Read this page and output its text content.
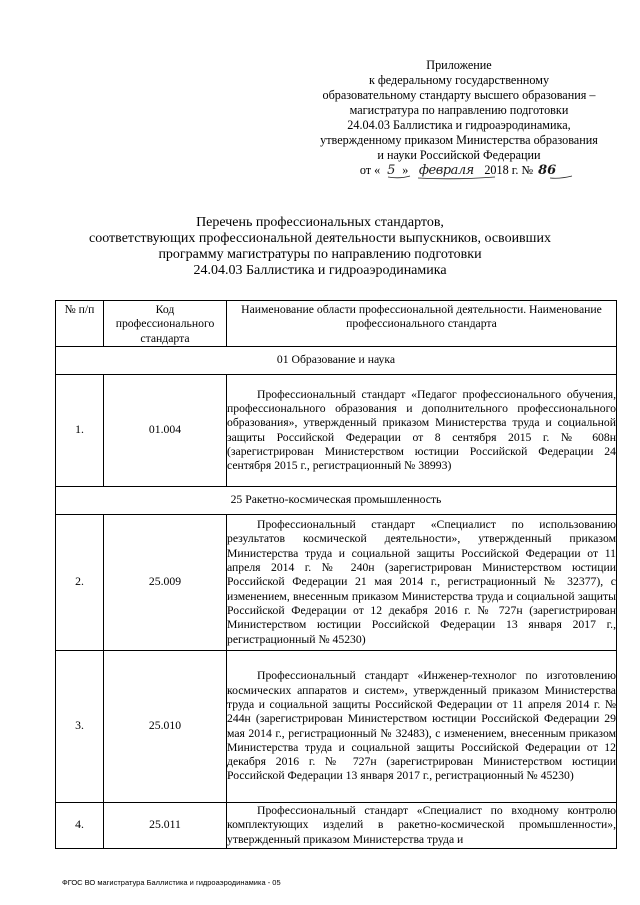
Приложение
к федеральному государственному
образовательному стандарту высшего образования –
магистратура по направлению подготовки
24.04.03 Баллистика и гидроаэродинамика,
утвержденному приказом Министерства образования
и науки Российской Федерации
от « 5 » февраля 2018 г. № 86
Перечень профессиональных стандартов,
соответствующих профессиональной деятельности выпускников, освоивших
программу магистратуры по направлению подготовки
24.04.03 Баллистика и гидроаэродинамика
№ п/п	Код профессионального стандарта	Наименование области профессиональной деятельности. Наименование профессионального стандарта
01 Образование и наука		
1.	01.004	Профессиональный стандарт «Педагог профессионального обучения, профессионального образования и дополнительного профессионального образования», утвержденный приказом Министерства труда и социальной защиты Российской Федерации от 8 сентября 2015 г. № 608н (зарегистрирован Министерством юстиции Российской Федерации 24 сентября 2015 г., регистрационный № 38993)
25 Ракетно-космическая промышленность		
2.	25.009	Профессиональный стандарт «Специалист по использованию результатов космической деятельности», утвержденный приказом Министерства труда и социальной защиты Российской Федерации от 11 апреля 2014 г. № 240н (зарегистрирован Министерством юстиции Российской Федерации 21 мая 2014 г., регистрационный № 32377), с изменением, внесенным приказом Министерства труда и социальной защиты Российской Федерации от 12 декабря 2016 г. № 727н (зарегистрирован Министерством юстиции Российской Федерации 13 января 2017 г., регистрационный № 45230)
3.	25.010	Профессиональный стандарт «Инженер-технолог по изготовлению космических аппаратов и систем», утвержденный приказом Министерства труда и социальной защиты Российской Федерации от 11 апреля 2014 г. № 244н (зарегистрирован Министерством юстиции Российской Федерации 29 мая 2014 г., регистрационный № 32483), с изменением, внесенным приказом Министерства труда и социальной защиты Российской Федерации от 12 декабря 2016 г. № 727н (зарегистрирован Министерством юстиции Российской Федерации 13 января 2017 г., регистрационный № 45230)
4.	25.011	Профессиональный стандарт «Специалист по входному контролю комплектующих изделий в ракетно-космической промышленности», утвержденный приказом Министерства труда и
ФГОС ВО магистратура Баллистика и гидроаэродинамика - 05
